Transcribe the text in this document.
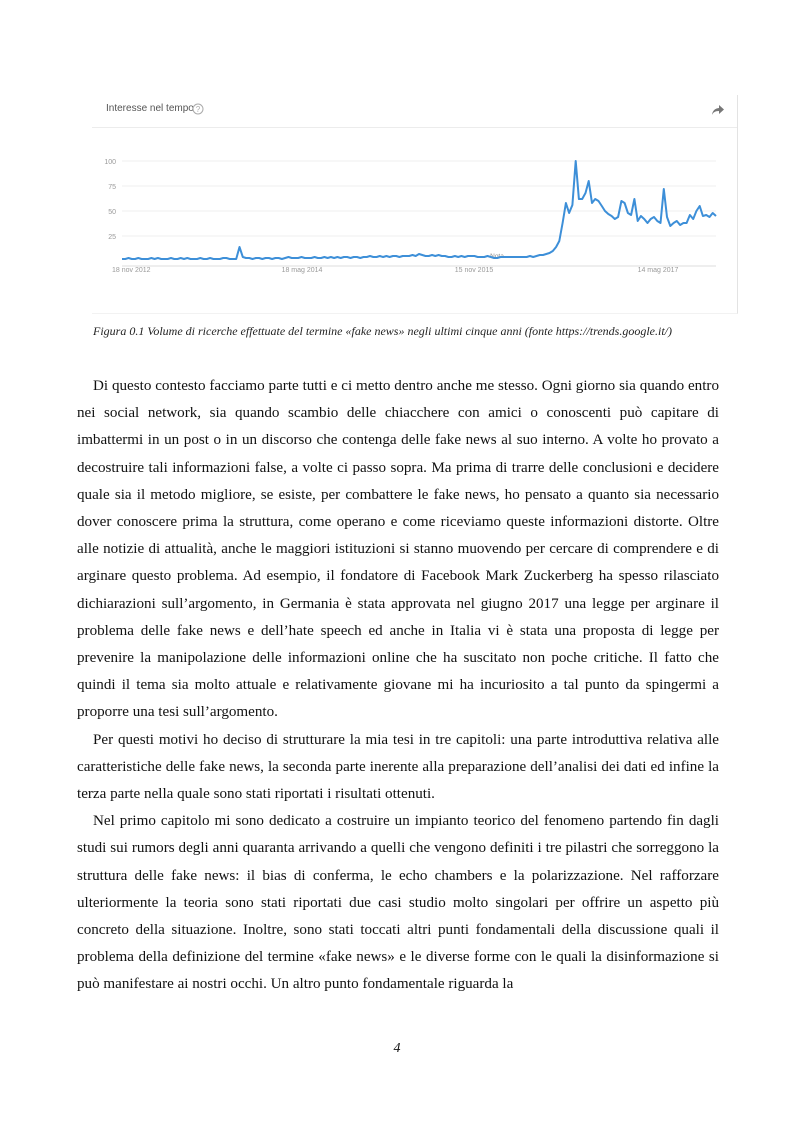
Interesse nel tempo ?
100
75
50
25
18 nov 2012	18 mag 2014	15 nov 2015	14 mag 2017
Nota
Figura 0.1 Volume di ricerche effettuate del termine «fake news» negli ultimi cinque anni (fonte https://trends.google.it/)

Di questo contesto facciamo parte tutti e ci metto dentro anche me stesso. Ogni giorno sia quando entro nei social network, sia quando scambio delle chiacchere con amici o conoscenti può capitare di imbattermi in un post o in un discorso che contenga delle fake news al suo interno. A volte ho provato a decostruire tali informazioni false, a volte ci passo sopra. Ma prima di trarre delle conclusioni e decidere quale sia il metodo migliore, se esiste, per combattere le fake news, ho pensato a quanto sia necessario dover conoscere prima la struttura, come operano e come riceviamo queste informazioni distorte. Oltre alle notizie di attualità, anche le maggiori istituzioni si stanno muovendo per cercare di comprendere e di arginare questo problema. Ad esempio, il fondatore di Facebook Mark Zuckerberg ha spesso rilasciato dichiarazioni sull’argomento, in Germania è stata approvata nel giugno 2017 una legge per arginare il problema delle fake news e dell’hate speech ed anche in Italia vi è stata una proposta di legge per prevenire la manipolazione delle informazioni online che ha suscitato non poche critiche. Il fatto che quindi il tema sia molto attuale e relativamente giovane mi ha incuriosito a tal punto da spingermi a proporre una tesi sull’argomento.

Per questi motivi ho deciso di strutturare la mia tesi in tre capitoli: una parte introduttiva relativa alle caratteristiche delle fake news, la seconda parte inerente alla preparazione dell’analisi dei dati ed infine la terza parte nella quale sono stati riportati i risultati ottenuti.

Nel primo capitolo mi sono dedicato a costruire un impianto teorico del fenomeno partendo fin dagli studi sui rumors degli anni quaranta arrivando a quelli che vengono definiti i tre pilastri che sorreggono la struttura delle fake news: il bias di conferma, le echo chambers e la polarizzazione. Nel rafforzare ulteriormente la teoria sono stati riportati due casi studio molto singolari per offrire un aspetto più concreto della situazione. Inoltre, sono stati toccati altri punti fondamentali della discussione quali il problema della definizione del termine «fake news» e le diverse forme con le quali la disinformazione si può manifestare ai nostri occhi. Un altro punto fondamentale riguarda la

4
